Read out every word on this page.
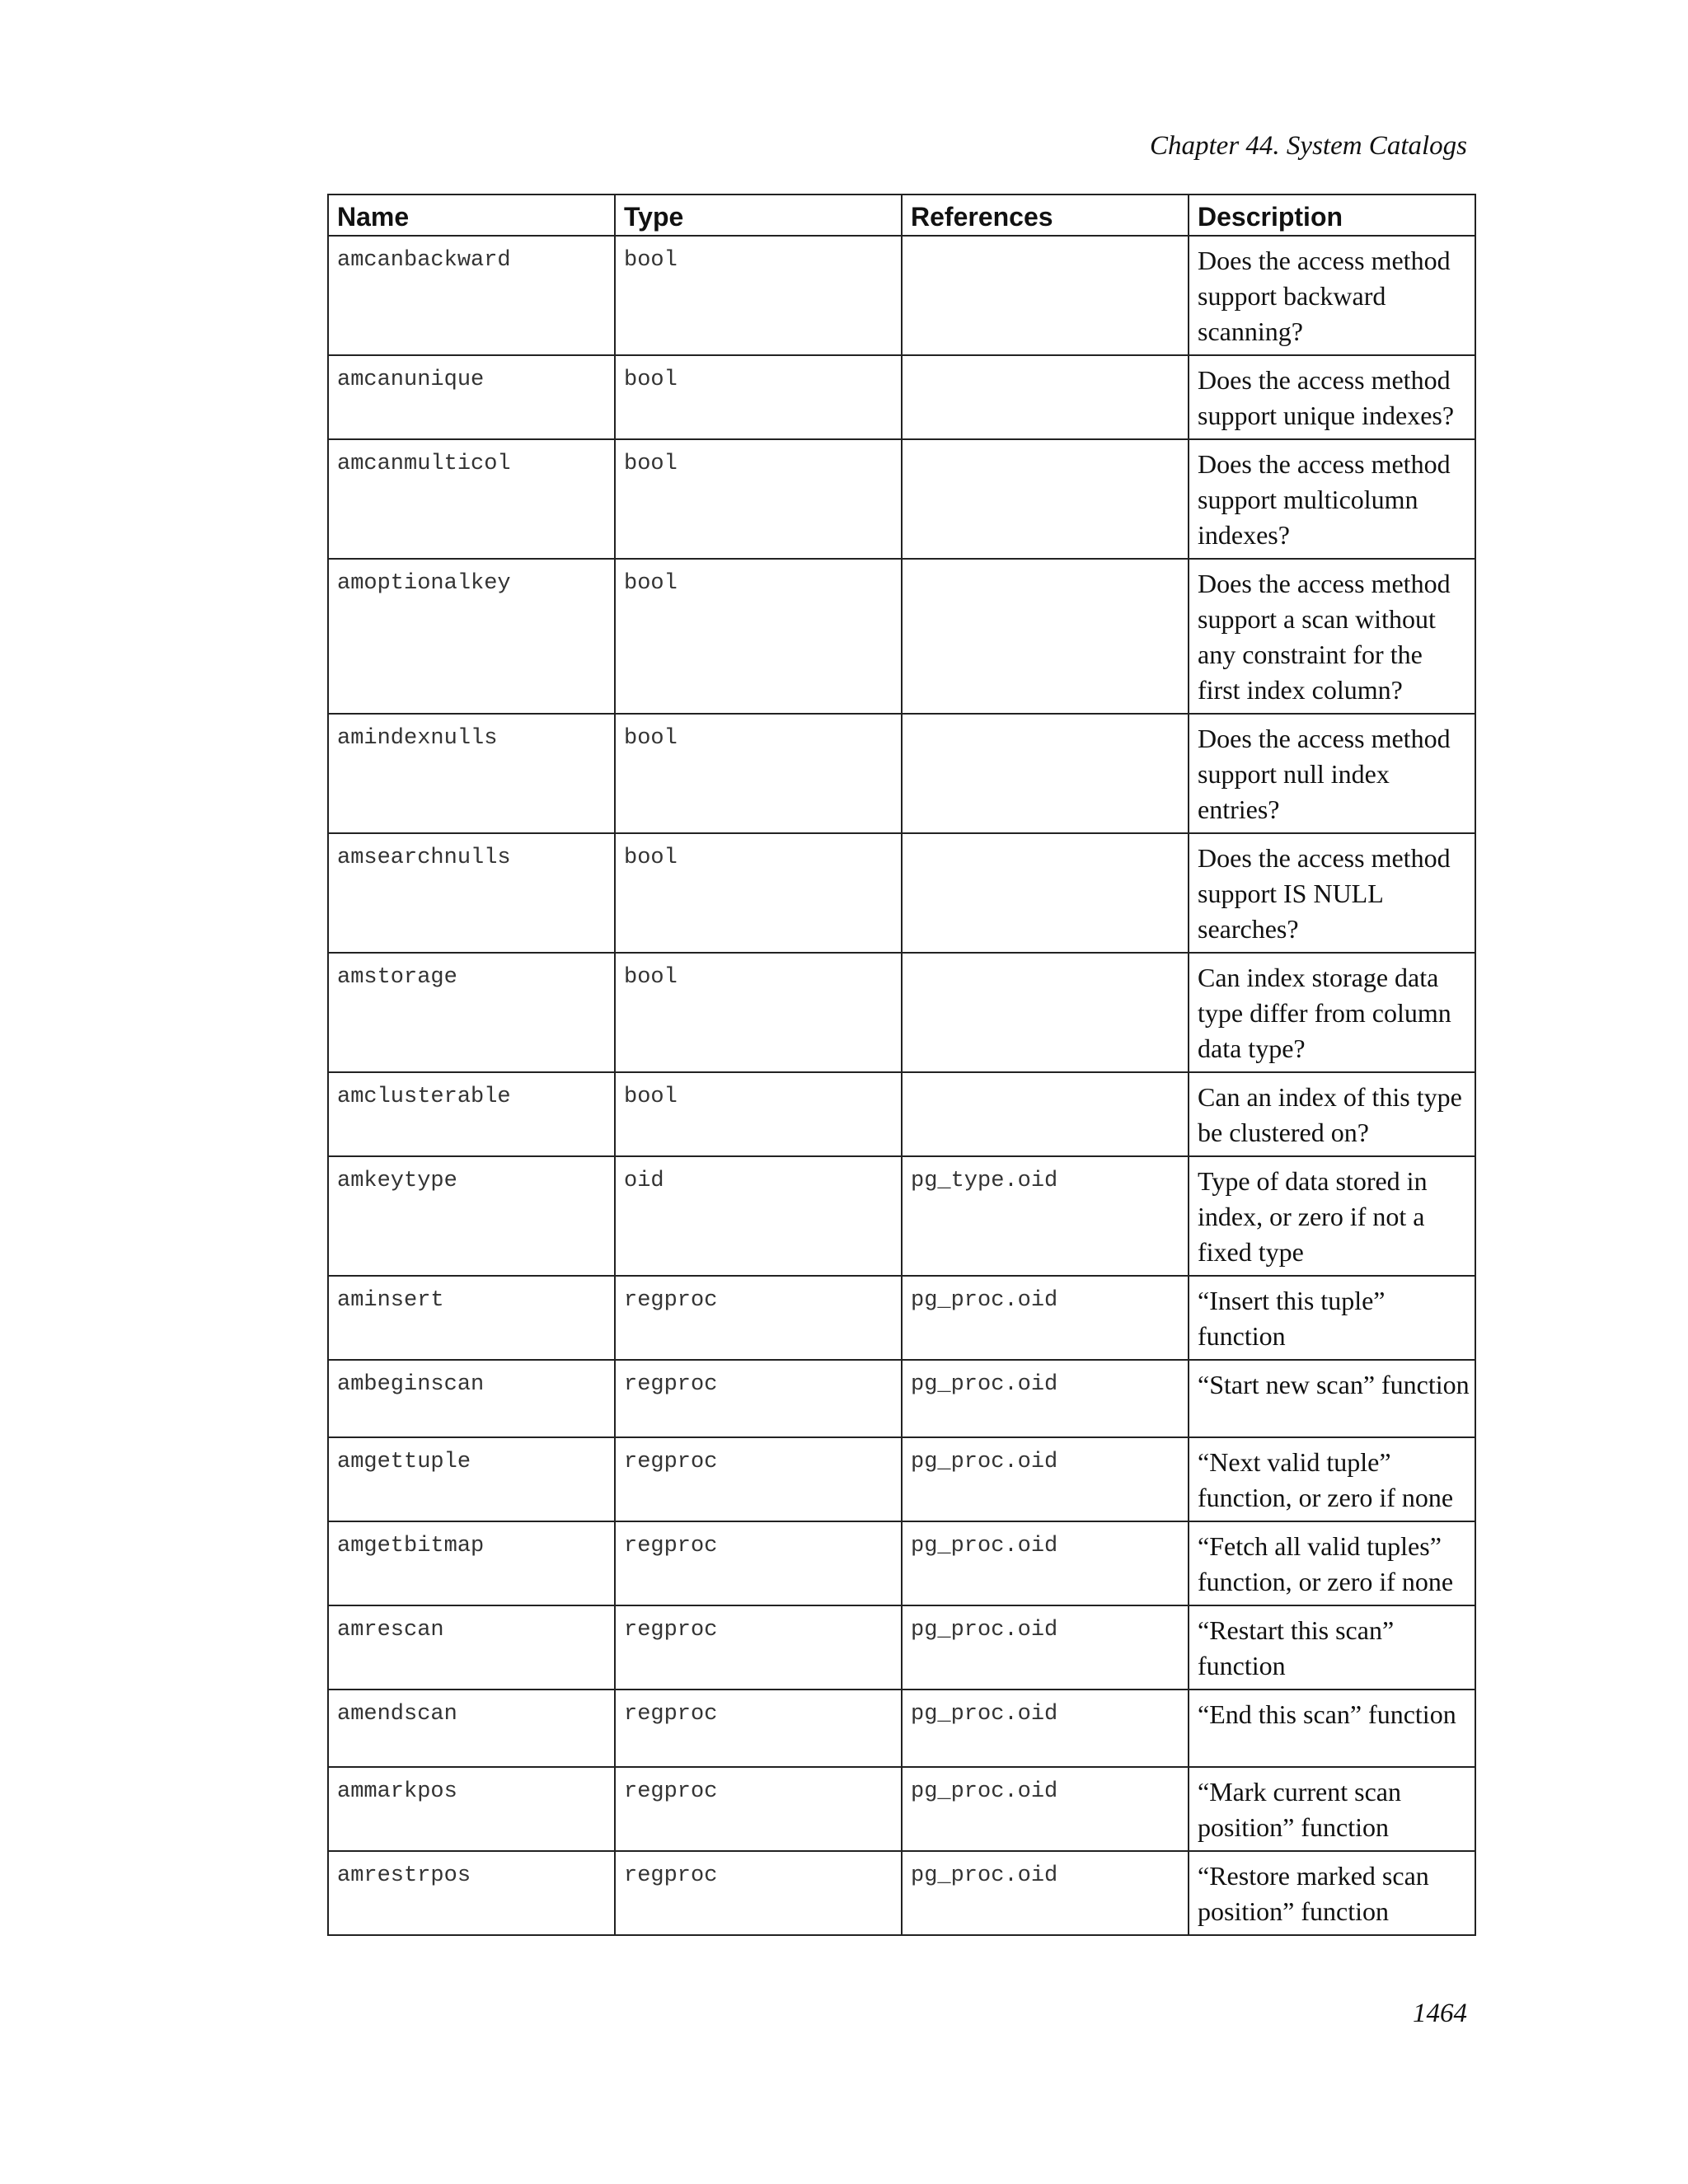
Chapter 44. System Catalogs
Name	Type	References	Description
amcanbackward	bool		Does the access method support backward scanning?
amcanunique	bool		Does the access method support unique indexes?
amcanmulticol	bool		Does the access method support multicolumn indexes?
amoptionalkey	bool		Does the access method support a scan without any constraint for the first index column?
amindexnulls	bool		Does the access method support null index entries?
amsearchnulls	bool		Does the access method support IS NULL searches?
amstorage	bool		Can index storage data type differ from column data type?
amclusterable	bool		Can an index of this type be clustered on?
amkeytype	oid	pg_type.oid	Type of data stored in index, or zero if not a fixed type
aminsert	regproc	pg_proc.oid	“Insert this tuple” function
ambeginscan	regproc	pg_proc.oid	“Start new scan” function
amgettuple	regproc	pg_proc.oid	“Next valid tuple” function, or zero if none
amgetbitmap	regproc	pg_proc.oid	“Fetch all valid tuples” function, or zero if none
amrescan	regproc	pg_proc.oid	“Restart this scan” function
amendscan	regproc	pg_proc.oid	“End this scan” function
ammarkpos	regproc	pg_proc.oid	“Mark current scan position” function
amrestrpos	regproc	pg_proc.oid	“Restore marked scan position” function
1464
